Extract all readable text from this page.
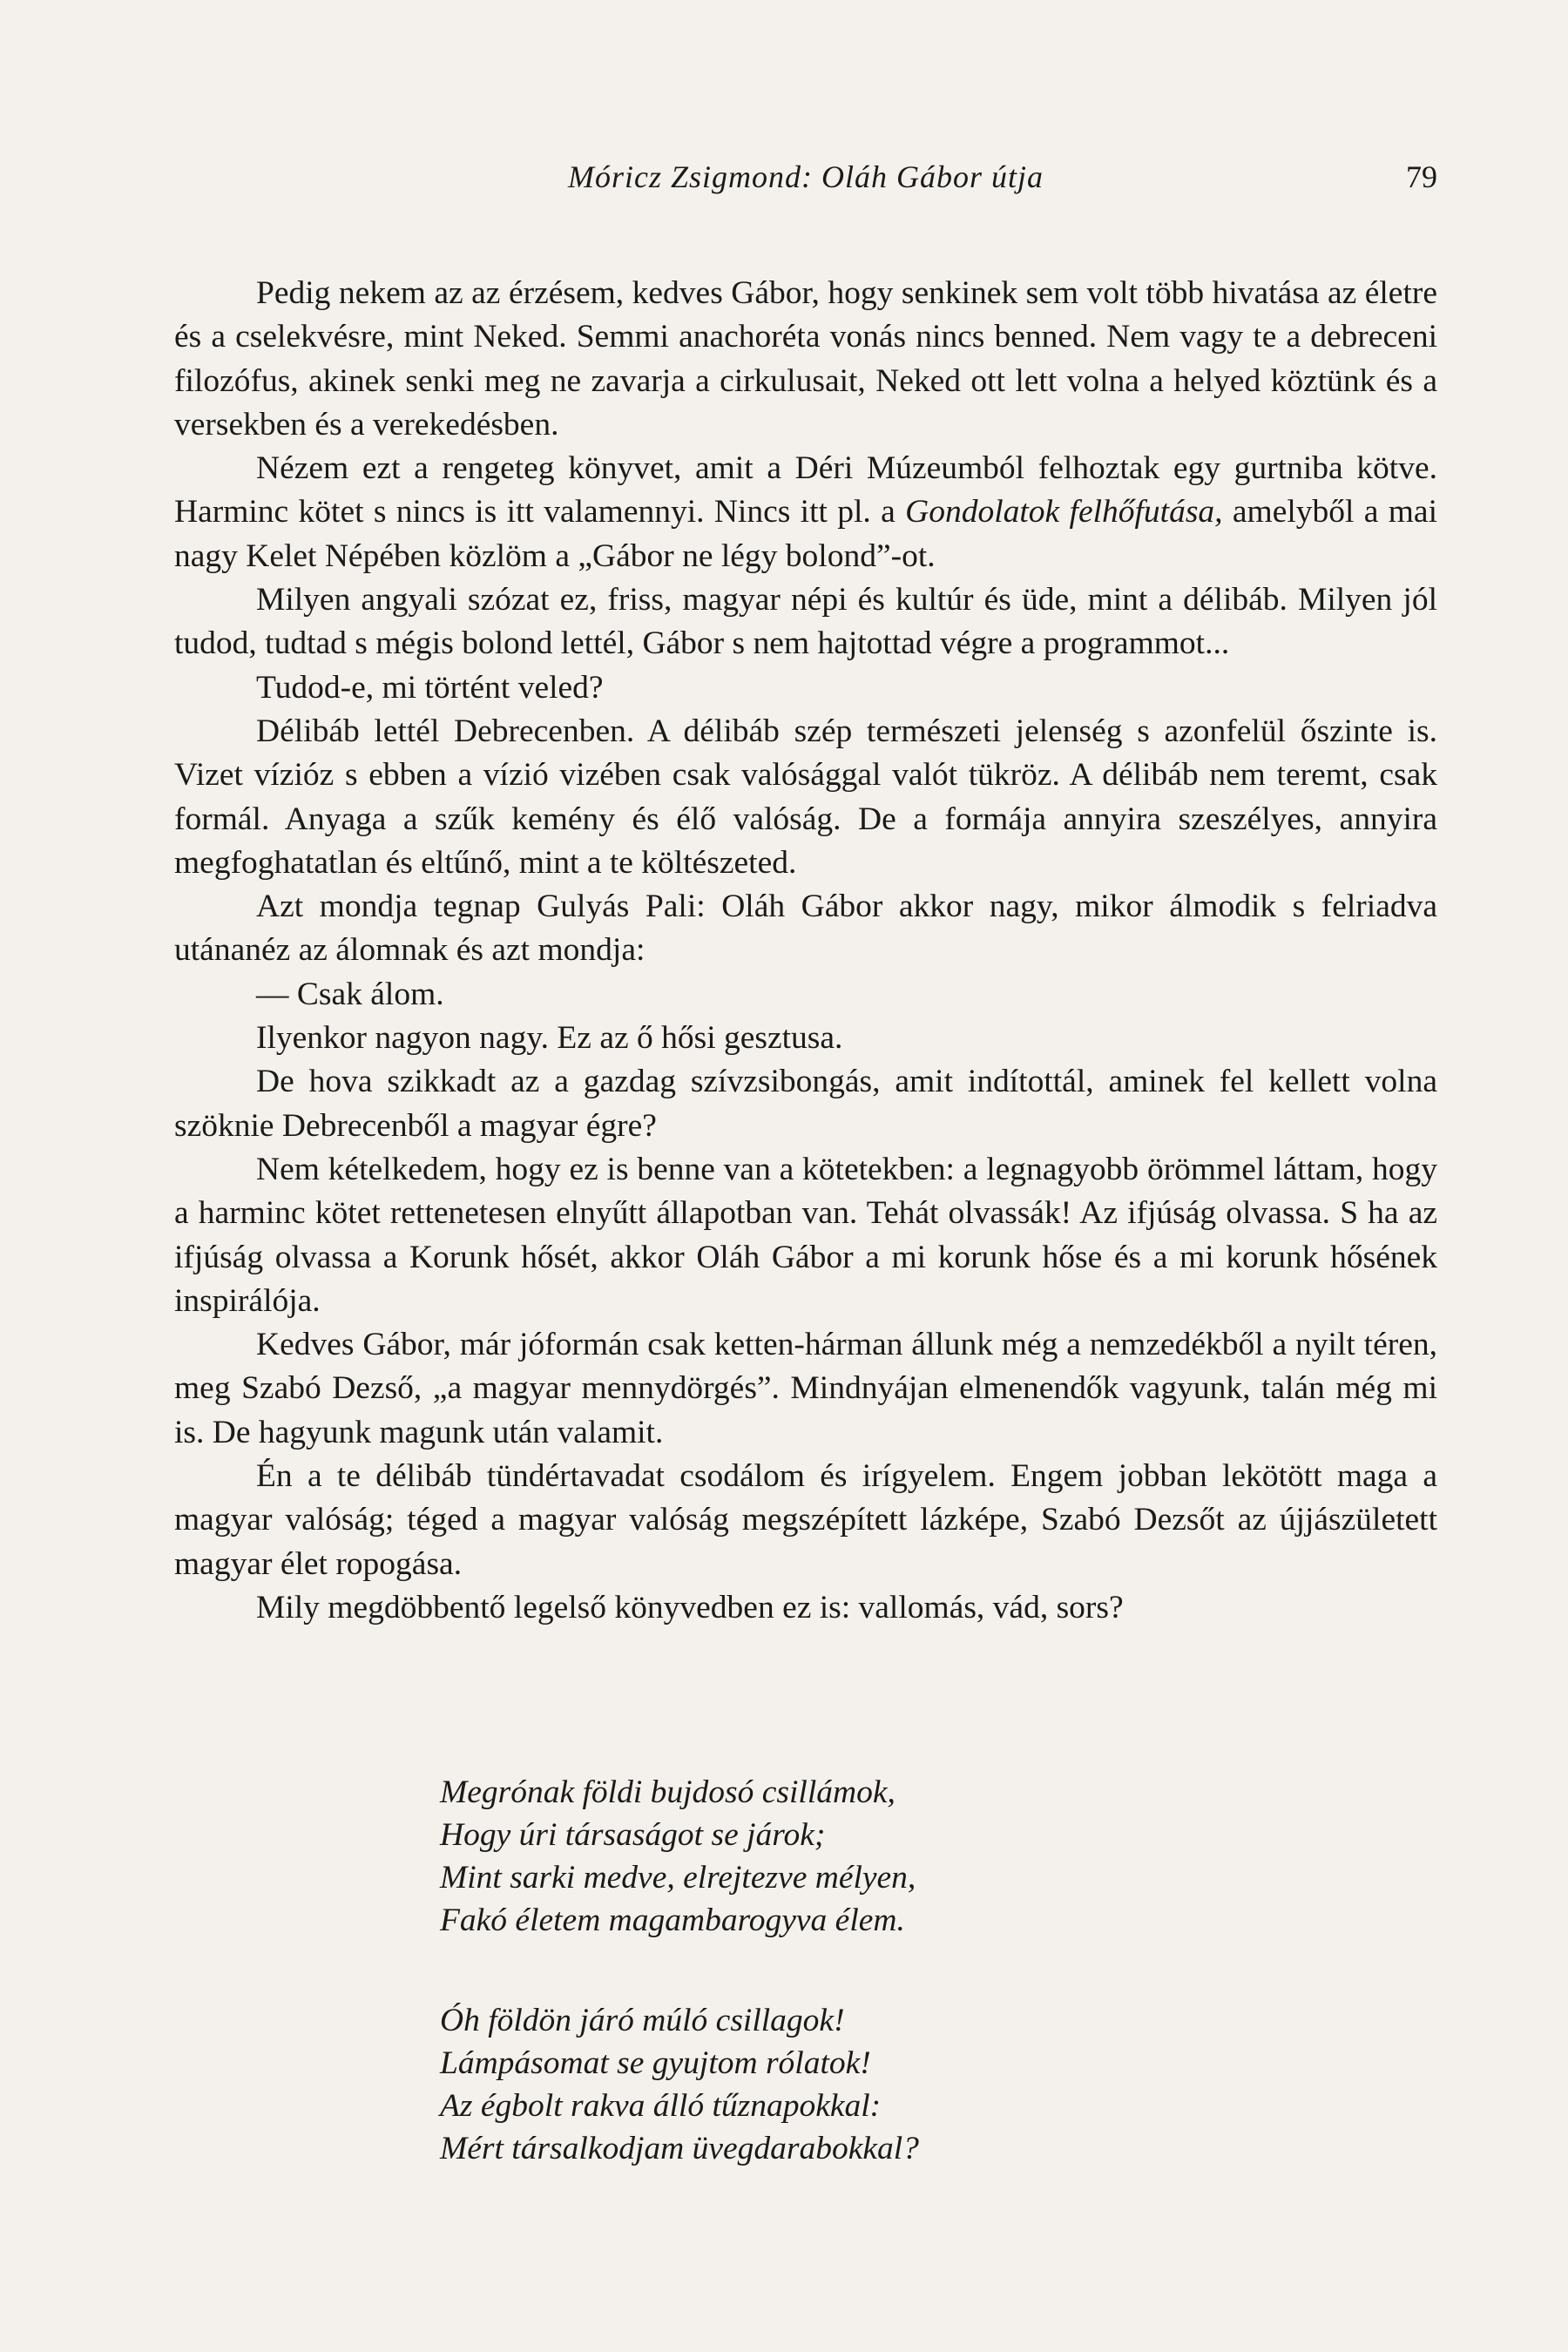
Móricz Zsigmond: Oláh Gábor útja	79

Pedig nekem az az érzésem, kedves Gábor, hogy senkinek sem volt több hivatása az életre és a cselekvésre, mint Neked. Semmi anachoréta vonás nincs benned. Nem vagy te a debreceni filozófus, akinek senki meg ne zavarja a cirkulusait, Neked ott lett volna a helyed köztünk és a versekben és a verekedésben.

Nézem ezt a rengeteg könyvet, amit a Déri Múzeumból felhoztak egy gurtniba kötve. Harminc kötet s nincs is itt valamennyi. Nincs itt pl. a Gondolatok felhőfutása, amelyből a mai nagy Kelet Népében közlöm a „Gábor ne légy bolond”-ot.

Milyen angyali szózat ez, friss, magyar népi és kultúr és üde, mint a délibáb. Milyen jól tudod, tudtad s mégis bolond lettél, Gábor s nem hajtottad végre a programmot...

Tudod-e, mi történt veled?

Délibáb lettél Debrecenben. A délibáb szép természeti jelenség s azonfelül őszinte is. Vizet vízióz s ebben a vízió vizében csak valósággal valót tükröz. A délibáb nem teremt, csak formál. Anyaga a szűk kemény és élő valóság. De a formája annyira szeszélyes, annyira megfoghatatlan és eltűnő, mint a te költészeted.

Azt mondja tegnap Gulyás Pali: Oláh Gábor akkor nagy, mikor álmodik s felriadva utánanéz az álomnak és azt mondja:

— Csak álom.

Ilyenkor nagyon nagy. Ez az ő hősi gesztusa.

De hova szikkadt az a gazdag szívzsibongás, amit indítottál, aminek fel kellett volna szöknie Debrecenből a magyar égre?

Nem kételkedem, hogy ez is benne van a kötetekben: a legnagyobb örömmel láttam, hogy a harminc kötet rettenetesen elnyűtt állapotban van. Tehát olvassák! Az ifjúság olvassa. S ha az ifjúság olvassa a Korunk hősét, akkor Oláh Gábor a mi korunk hőse és a mi korunk hősének inspirálója.

Kedves Gábor, már jóformán csak ketten-hárman állunk még a nemzedékből a nyilt téren, meg Szabó Dezső, „a magyar mennydörgés”. Mindnyájan elmenendők vagyunk, talán még mi is. De hagyunk magunk után valamit.

Én a te délibáb tündértavadat csodálom és irígyelem. Engem jobban lekötött maga a magyar valóság; téged a magyar valóság megszépített lázképe, Szabó Dezsőt az újjászületett magyar élet ropogása.

Mily megdöbbentő legelső könyvedben ez is: vallomás, vád, sors?

Megrónak földi bujdosó csillámok,
Hogy úri társaságot se járok;
Mint sarki medve, elrejtezve mélyen,
Fakó életem magambarogyva élem.
Óh földön járó múló csillagok!
Lámpásomat se gyujtom rólatok!
Az égbolt rakva álló tűznapokkal:
Mért társalkodjam üvegdarabokkal?
